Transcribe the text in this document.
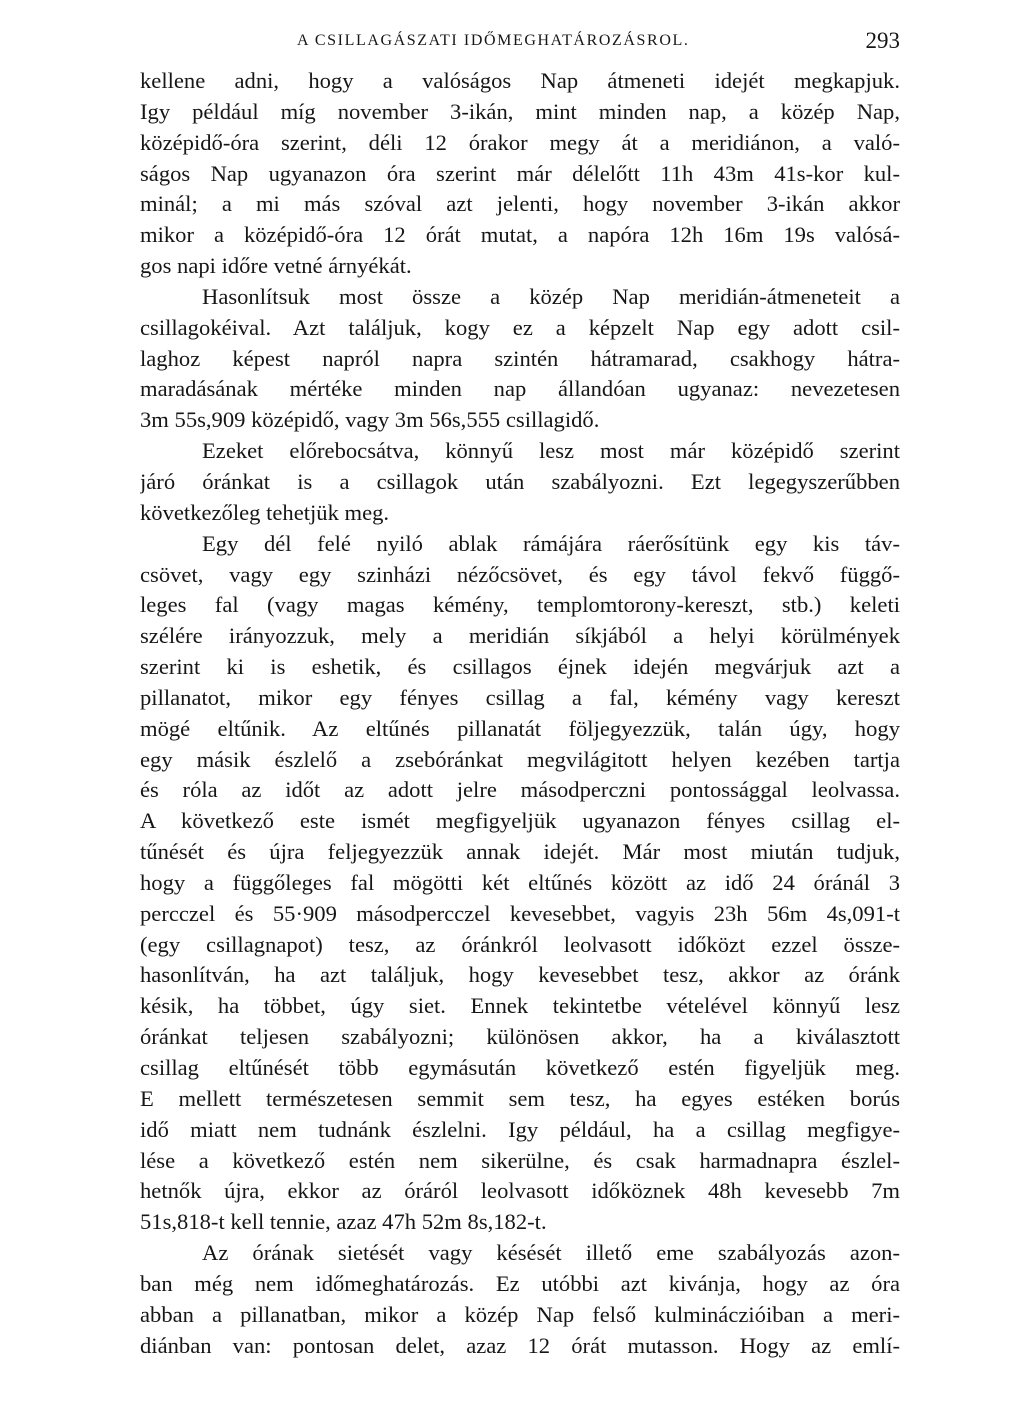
A CSILLAGÁSZATI IDŐMEGHATÁROZÁSROL.	293
kellene adni, hogy a valóságos Nap átmeneti idejét megkapjuk.
Igy például míg november 3-ikán, mint minden nap, a közép Nap,
középidő-óra szerint, déli 12 órakor megy át a meridiánon, a való-
ságos Nap ugyanazon óra szerint már délelőtt 11h 43m 41s-kor kul-
minál; a mi más szóval azt jelenti, hogy november 3-ikán akkor
mikor a középidő-óra 12 órát mutat, a napóra 12h 16m 19s valósá-
gos napi időre vetné árnyékát.
Hasonlítsuk most össze a közép Nap meridián-átmeneteit a
csillagokéival. Azt találjuk, kogy ez a képzelt Nap egy adott csil-
laghoz képest napról napra szintén hátramarad, csakhogy hátra-
maradásának mértéke minden nap állandóan ugyanaz: nevezetesen
3m 55s,909 középidő, vagy 3m 56s,555 csillagidő.
Ezeket előrebocsátva, könnyű lesz most már középidő szerint
járó óránkat is a csillagok után szabályozni. Ezt legegyszerűbben
következőleg tehetjük meg.
Egy dél felé nyiló ablak rámájára ráerősítünk egy kis táv-
csövet, vagy egy szinházi nézőcsövet, és egy távol fekvő függő-
leges fal (vagy magas kémény, templomtorony-kereszt, stb.) keleti
szélére irányozzuk, mely a meridián síkjából a helyi körülmények
szerint ki is eshetik, és csillagos éjnek idején megvárjuk azt a
pillanatot, mikor egy fényes csillag a fal, kémény vagy kereszt
mögé eltűnik. Az eltűnés pillanatát följegyezzük, talán úgy, hogy
egy másik észlelő a zsebóránkat megvilágitott helyen kezében tartja
és róla az időt az adott jelre másodperczni pontossággal leolvassa.
A következő este ismét megfigyeljük ugyanazon fényes csillag el-
tűnését és újra feljegyezzük annak idejét. Már most miután tudjuk,
hogy a függőleges fal mögötti két eltűnés között az idő 24 óránál 3
percczel és 55·909 másodpercczel kevesebbet, vagyis 23h 56m 4s,091-t
(egy csillagnapot) tesz, az óránkról leolvasott időközt ezzel össze-
hasonlítván, ha azt találjuk, hogy kevesebbet tesz, akkor az óránk
késik, ha többet, úgy siet. Ennek tekintetbe vételével könnyű lesz
óránkat teljesen szabályozni; különösen akkor, ha a kiválasztott
csillag eltűnését több egymásután következő estén figyeljük meg.
E mellett természetesen semmit sem tesz, ha egyes estéken borús
idő miatt nem tudnánk észlelni. Igy például, ha a csillag megfigye-
lése a következő estén nem sikerülne, és csak harmadnapra észlel-
hetnők újra, ekkor az óráról leolvasott időköznek 48h kevesebb 7m
51s,818-t kell tennie, azaz 47h 52m 8s,182-t.
Az órának sietését vagy késését illető eme szabályozás azon-
ban még nem időmeghatározás. Ez utóbbi azt kivánja, hogy az óra
abban a pillanatban, mikor a közép Nap felső kulmináczióiban a meri-
diánban van: pontosan delet, azaz 12 órát mutasson. Hogy az emlí-
